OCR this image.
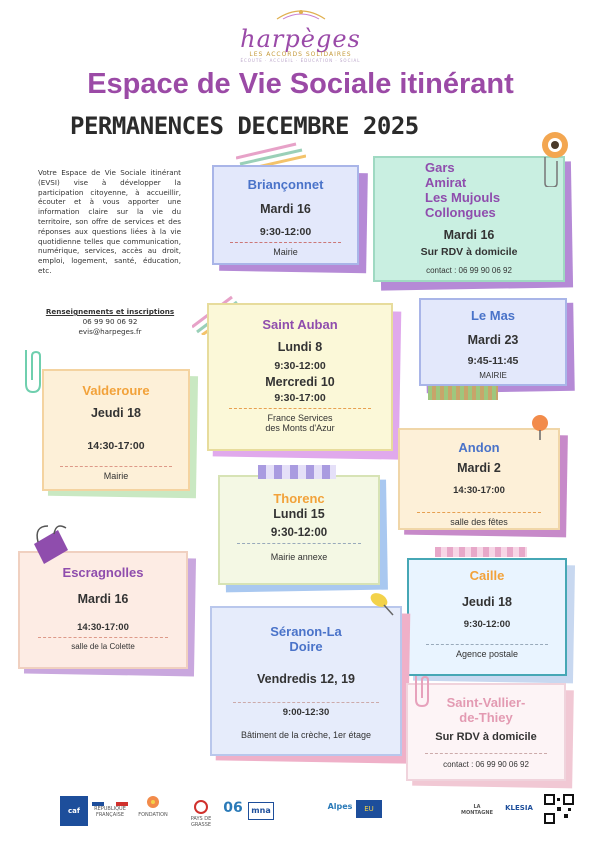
harpèges
LES ACCORDS SOLIDAIRES
ÉCOUTE · ACCUEIL · ÉDUCATION · SOCIAL
Espace de Vie Sociale itinérant
PERMANENCES DECEMBRE 2025
Votre Espace de Vie Sociale itinérant (EVSI) vise à développer la participation citoyenne, à accueillir, écouter et à vous apporter une information claire sur la vie du territoire, son offre de services et des réponses aux questions liées à la vie quotidienne telles que communication, numérique, services, accès au droit, emploi, logement, santé, éducation, etc.
Renseignements et inscriptions
06 99 90 06 92
evis@harpeges.fr
Briançonnet
Mardi 16
9:30-12:00
Mairie
Gars
Amirat
Les Mujouls
Collongues
Mardi 16
Sur RDV à domicile
contact : 06 99 90 06 92
Saint Auban
Lundi 8
9:30-12:00
Mercredi 10
9:30-17:00
France Services
des Monts d'Azur
Le Mas
Mardi 23
9:45-11:45
MAIRIE
Valderoure
Jeudi 18
14:30-17:00
Mairie
Andon
Mardi 2
14:30-17:00
salle des fêtes
Thorenc
Lundi 15
9:30-12:00
Mairie annexe
Escragnolles
Mardi 16
14:30-17:00
salle de la Colette
Caille
Jeudi 18
9:30-12:00
Agence postale
Séranon-La
Doire
Vendredis 12, 19
9:00-12:30
Bâtiment de la crèche, 1er étage
Saint-Vallier-
de-Thiey
Sur RDV à domicile
contact : 06 99 90 06 92
caf	RÉPUBLIQUE FRANÇAISE	FONDATION
PAYS DE GRASSE
06	mna	Alpes	EU	LA MONTAGNE
KLESIA
